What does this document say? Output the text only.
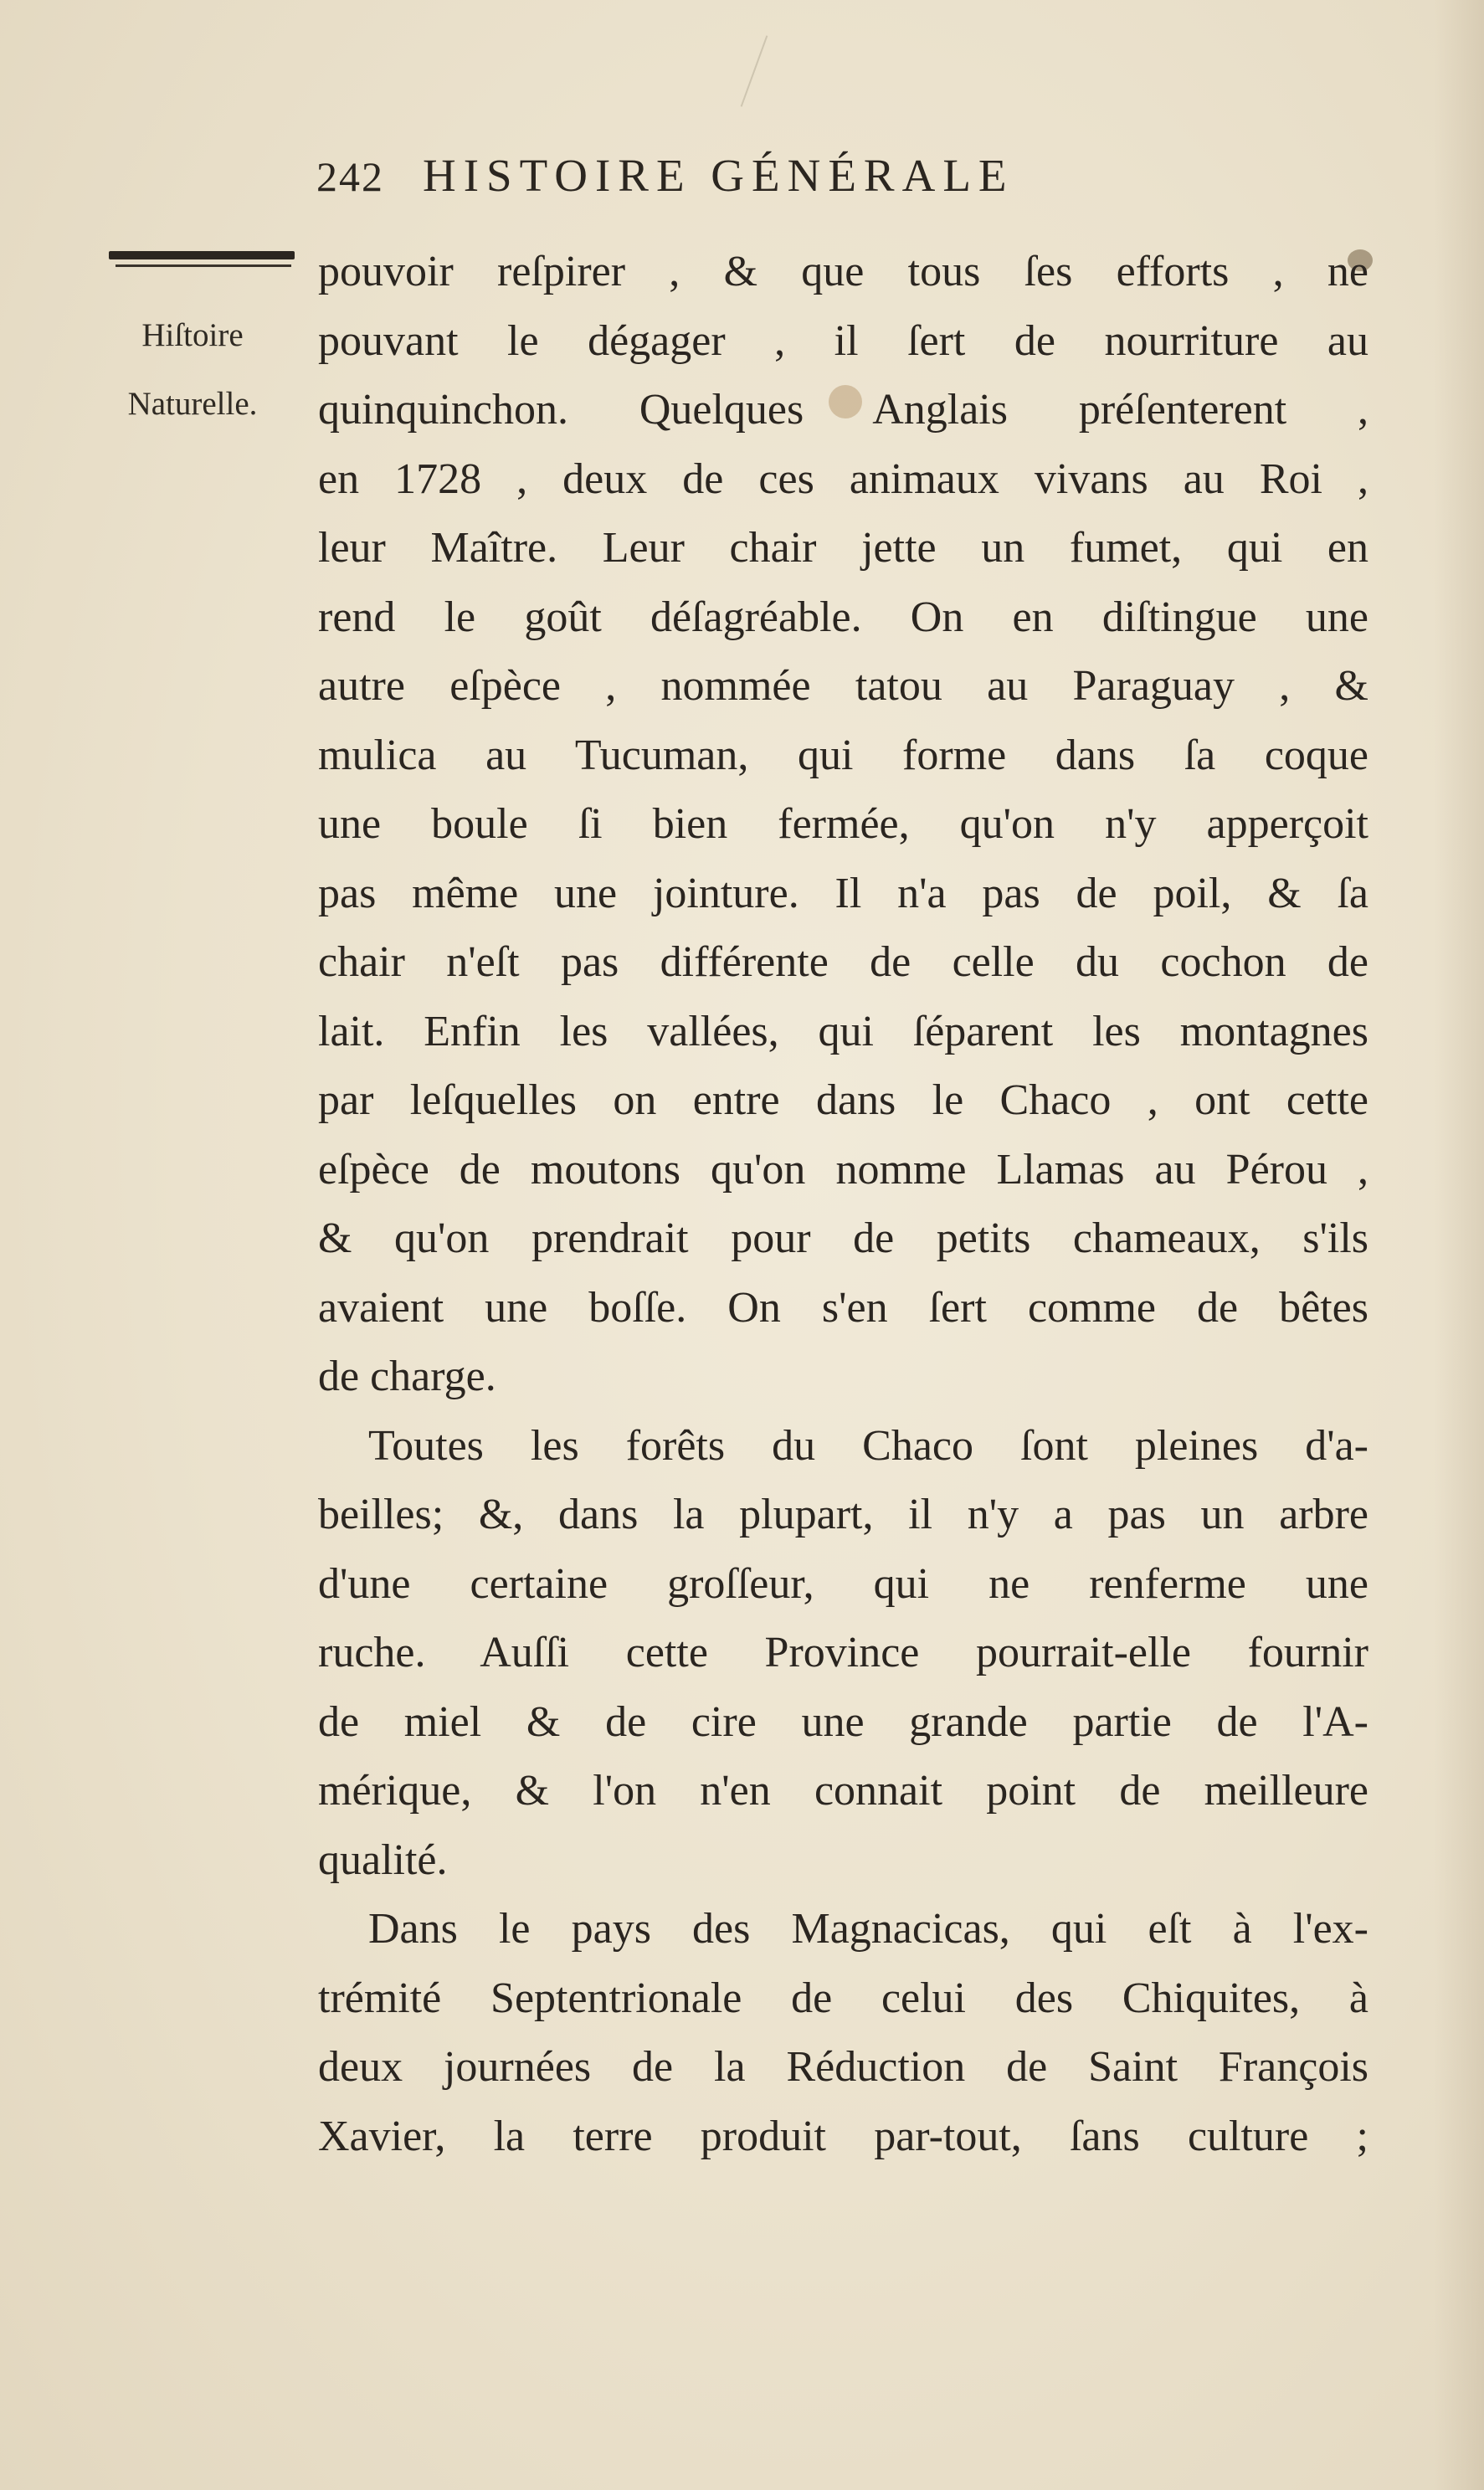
242 HISTOIRE GÉNÉRALE
Hiſtoire
Naturelle.
pouvoir reſpirer , & que tous ſes efforts , ne
pouvant le dégager , il ſert de nourriture au
quinquinchon. Quelques Anglais préſenterent ,
en 1728 , deux de ces animaux vivans au Roi ,
leur Maître. Leur chair jette un fumet, qui en
rend le goût déſagréable. On en diſtingue une
autre eſpèce , nommée tatou au Paraguay , &
mulica au Tucuman, qui forme dans ſa coque
une boule ſi bien fermée, qu'on n'y apperçoit
pas même une jointure. Il n'a pas de poil, & ſa
chair n'eſt pas différente de celle du cochon de
lait. Enfin les vallées, qui ſéparent les montagnes
par leſquelles on entre dans le Chaco , ont cette
eſpèce de moutons qu'on nomme Llamas au Pérou ,
& qu'on prendrait pour de petits chameaux, s'ils
avaient une boſſe. On s'en ſert comme de bêtes
de charge.
Toutes les forêts du Chaco ſont pleines d'a-
beilles; &, dans la plupart, il n'y a pas un arbre
d'une certaine groſſeur, qui ne renferme une
ruche. Auſſi cette Province pourrait-elle fournir
de miel & de cire une grande partie de l'A-
mérique, & l'on n'en connait point de meilleure
qualité.
Dans le pays des Magnacicas, qui eſt à l'ex-
trémité Septentrionale de celui des Chiquites, à
deux journées de la Réduction de Saint François
Xavier, la terre produit par-tout, ſans culture ;
